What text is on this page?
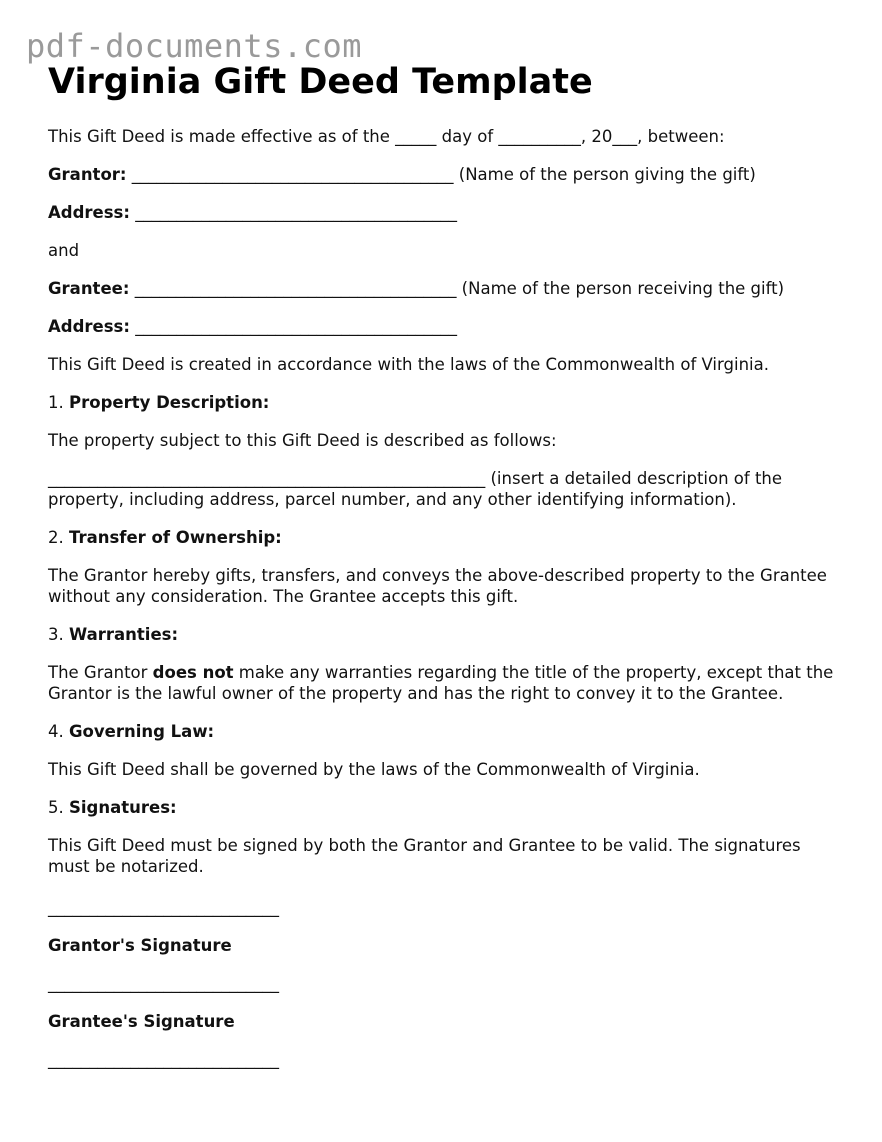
pdf-documents.com
Virginia Gift Deed Template

This Gift Deed is made effective as of the _____ day of __________, 20___, between:

Grantor: _______________________________________ (Name of the person giving the gift)

Address: _______________________________________

and

Grantee: _______________________________________ (Name of the person receiving the gift)

Address: _______________________________________

This Gift Deed is created in accordance with the laws of the Commonwealth of Virginia.

1. Property Description:

The property subject to this Gift Deed is described as follows:

_____________________________________________________ (insert a detailed description of the property, including address, parcel number, and any other identifying information).

2. Transfer of Ownership:

The Grantor hereby gifts, transfers, and conveys the above-described property to the Grantee without any consideration. The Grantee accepts this gift.

3. Warranties:

The Grantor does not make any warranties regarding the title of the property, except that the Grantor is the lawful owner of the property and has the right to convey it to the Grantee.

4. Governing Law:

This Gift Deed shall be governed by the laws of the Commonwealth of Virginia.

5. Signatures:

This Gift Deed must be signed by both the Grantor and Grantee to be valid. The signatures must be notarized.

____________________________

Grantor's Signature

____________________________

Grantee's Signature

____________________________
